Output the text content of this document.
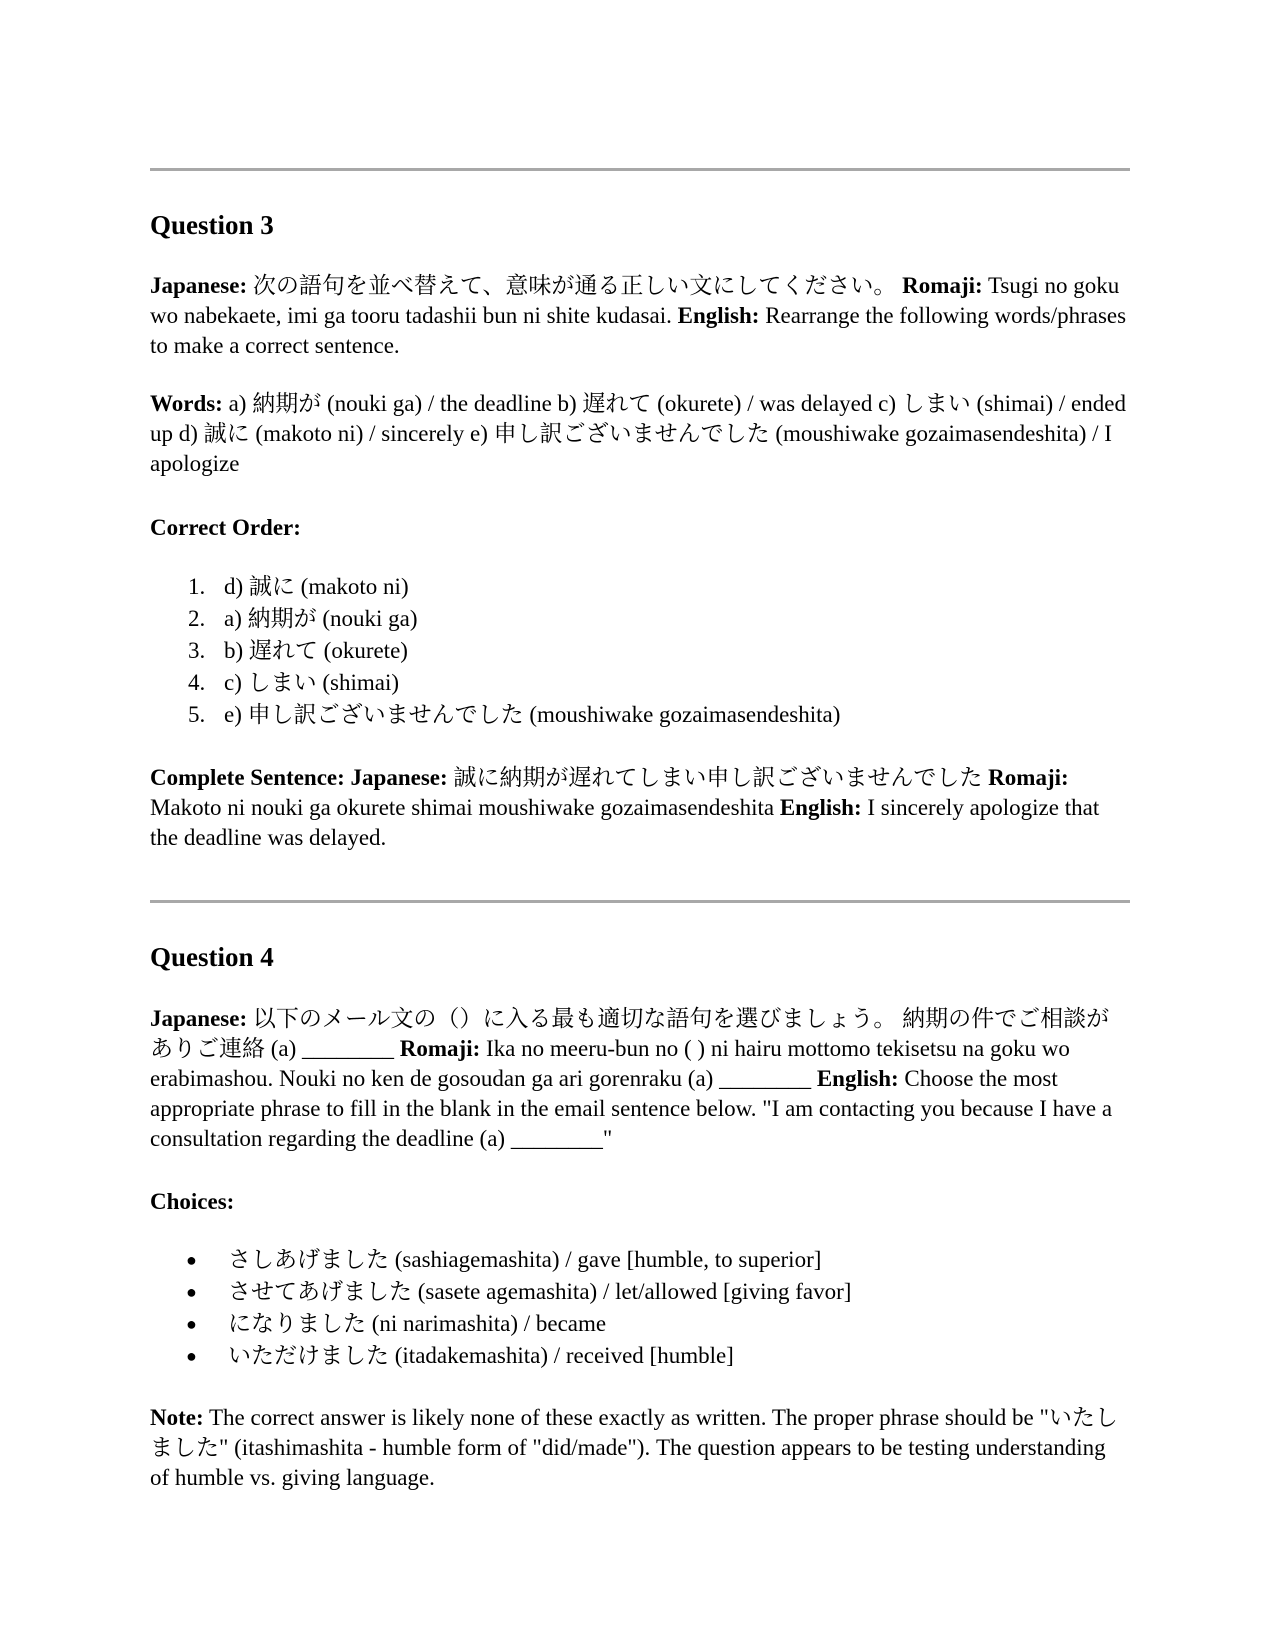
Question 3

Japanese: 次の語句を並べ替えて、意味が通る正しい文にしてください。 Romaji: Tsugi no goku wo nabekaete, imi ga tooru tadashii bun ni shite kudasai. English: Rearrange the following words/phrases to make a correct sentence.

Words: a) 納期が (nouki ga) / the deadline b) 遅れて (okurete) / was delayed c) しまい (shimai) / ended up d) 誠に (makoto ni) / sincerely e) 申し訳ございませんでした (moushiwake gozaimasendeshita) / I apologize

Correct Order:

1. d) 誠に (makoto ni)
2. a) 納期が (nouki ga)
3. b) 遅れて (okurete)
4. c) しまい (shimai)
5. e) 申し訳ございませんでした (moushiwake gozaimasendeshita)

Complete Sentence: Japanese: 誠に納期が遅れてしまい申し訳ございませんでした Romaji: Makoto ni nouki ga okurete shimai moushiwake gozaimasendeshita English: I sincerely apologize that the deadline was delayed.

Question 4

Japanese: 以下のメール文の（）に入る最も適切な語句を選びましょう。 納期の件でご相談がありご連絡 (a) ________ Romaji: Ika no meeru-bun no ( ) ni hairu mottomo tekisetsu na goku wo erabimashou. Nouki no ken de gosoudan ga ari gorenraku (a) ________ English: Choose the most appropriate phrase to fill in the blank in the email sentence below. "I am contacting you because I have a consultation regarding the deadline (a) ________"

Choices:

● さしあげました (sashiagemashita) / gave [humble, to superior]
● させてあげました (sasete agemashita) / let/allowed [giving favor]
● になりました (ni narimashita) / became
● いただけました (itadakemashita) / received [humble]

Note: The correct answer is likely none of these exactly as written. The proper phrase should be "いたしました" (itashimashita - humble form of "did/made"). The question appears to be testing understanding of humble vs. giving language.
